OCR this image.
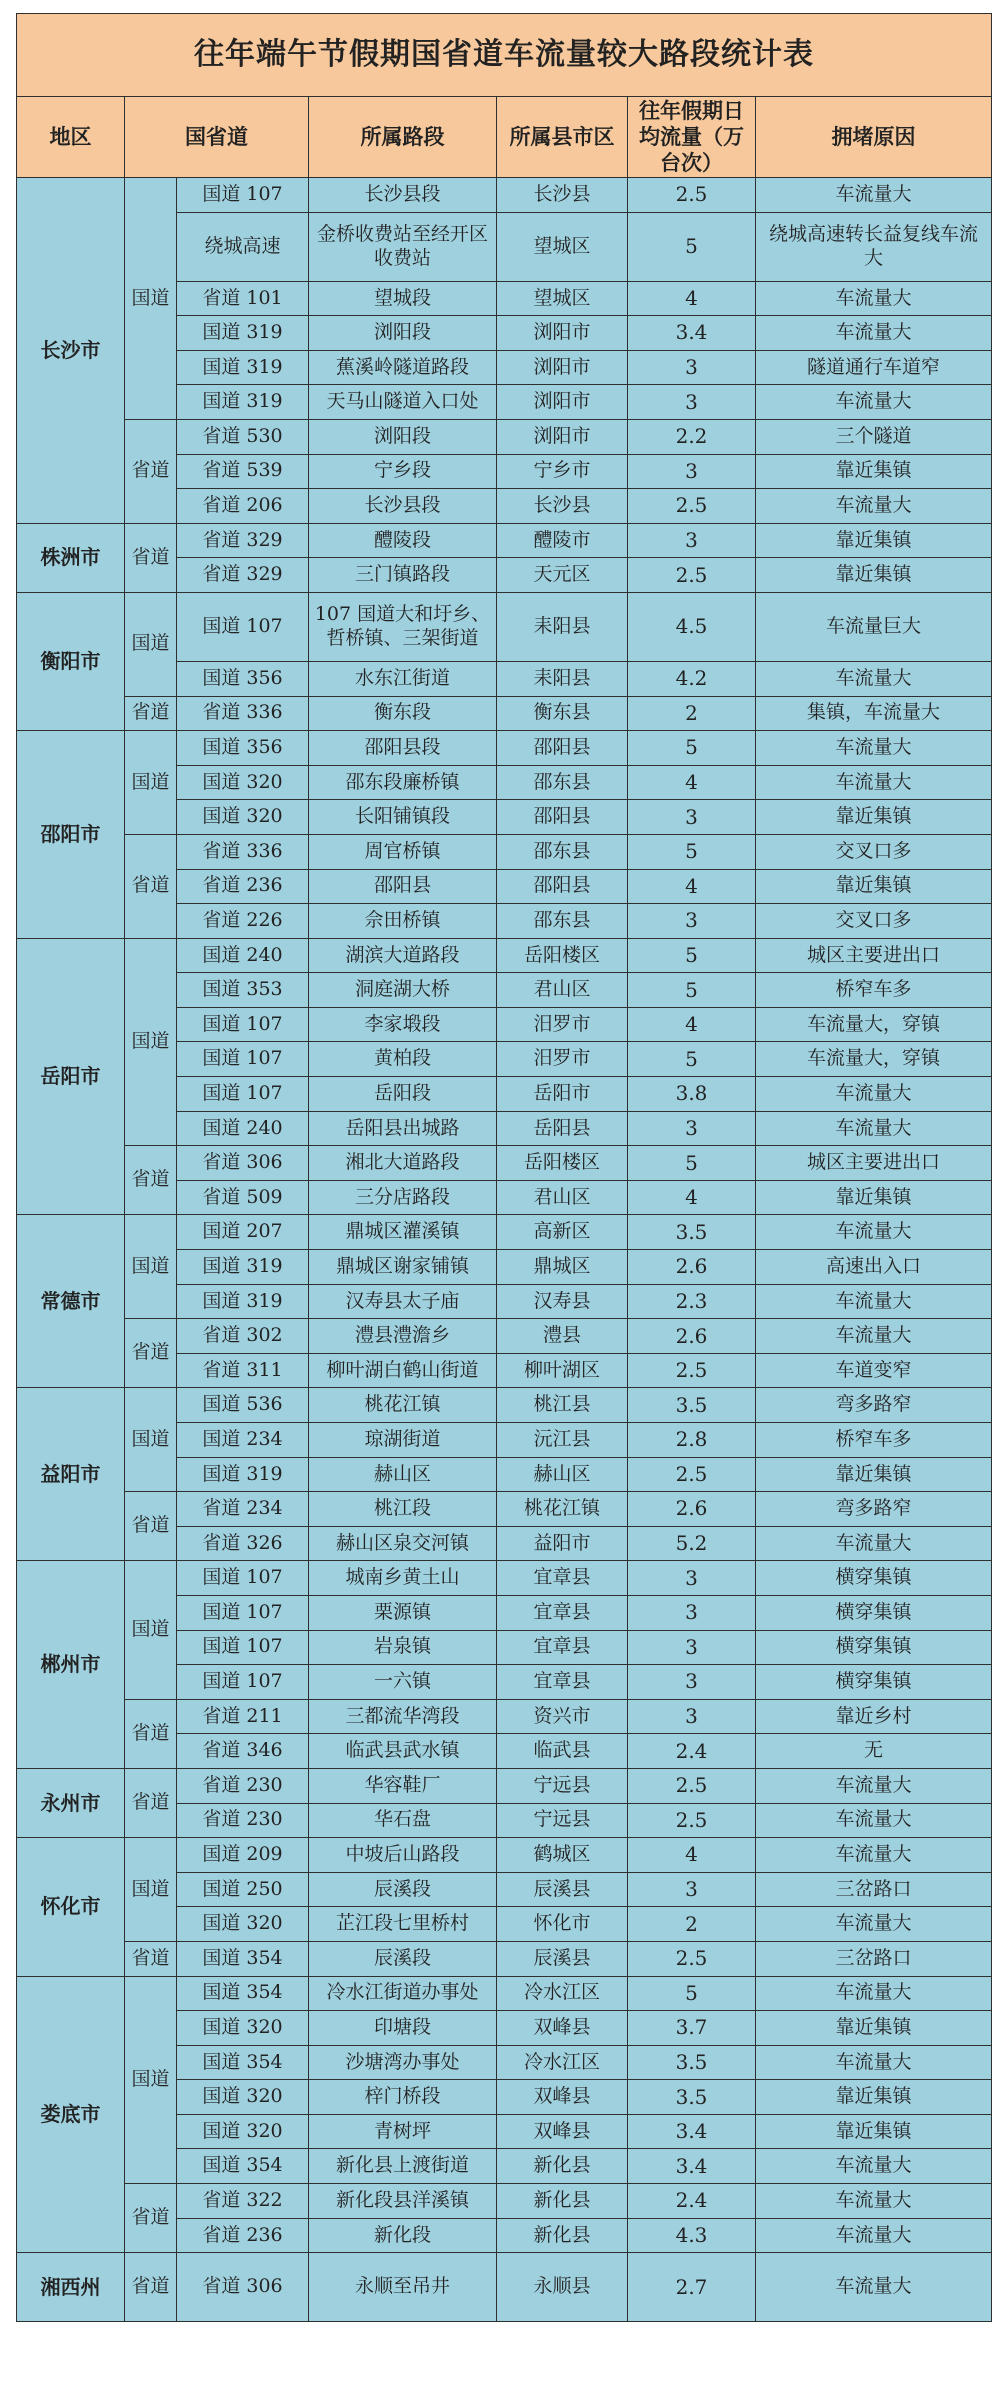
往年端午节假期国省道车流量较大路段统计表						
地区	国省道		所属路段	所属县市区	往年假期日均流量（万台次）	拥堵原因
长沙市	国道	国道 107	长沙县段	长沙县	2.5	车流量大
		绕城高速	金桥收费站至经开区收费站	望城区	5	绕城高速转长益复线车流大
		省道 101	望城段	望城区	4	车流量大
		国道 319	浏阳段	浏阳市	3.4	车流量大
		国道 319	蕉溪岭隧道路段	浏阳市	3	隧道通行车道窄
		国道 319	天马山隧道入口处	浏阳市	3	车流量大
	省道	省道 530	浏阳段	浏阳市	2.2	三个隧道
		省道 539	宁乡段	宁乡市	3	靠近集镇
		省道 206	长沙县段	长沙县	2.5	车流量大
株洲市	省道	省道 329	醴陵段	醴陵市	3	靠近集镇
		省道 329	三门镇路段	天元区	2.5	靠近集镇
衡阳市	国道	国道 107	107 国道大和圩乡、哲桥镇、三架街道	耒阳县	4.5	车流量巨大
		国道 356	水东江街道	耒阳县	4.2	车流量大
	省道	省道 336	衡东段	衡东县	2	集镇，车流量大
邵阳市	国道	国道 356	邵阳县段	邵阳县	5	车流量大
		国道 320	邵东段廉桥镇	邵东县	4	车流量大
		国道 320	长阳铺镇段	邵阳县	3	靠近集镇
	省道	省道 336	周官桥镇	邵东县	5	交叉口多
		省道 236	邵阳县	邵阳县	4	靠近集镇
		省道 226	佘田桥镇	邵东县	3	交叉口多
岳阳市	国道	国道 240	湖滨大道路段	岳阳楼区	5	城区主要进出口
		国道 353	洞庭湖大桥	君山区	5	桥窄车多
		国道 107	李家塅段	汨罗市	4	车流量大，穿镇
		国道 107	黄柏段	汨罗市	5	车流量大，穿镇
		国道 107	岳阳段	岳阳市	3.8	车流量大
		国道 240	岳阳县出城路	岳阳县	3	车流量大
	省道	省道 306	湘北大道路段	岳阳楼区	5	城区主要进出口
		省道 509	三分店路段	君山区	4	靠近集镇
常德市	国道	国道 207	鼎城区灌溪镇	高新区	3.5	车流量大
		国道 319	鼎城区谢家铺镇	鼎城区	2.6	高速出入口
		国道 319	汉寿县太子庙	汉寿县	2.3	车流量大
	省道	省道 302	澧县澧澹乡	澧县	2.6	车流量大
		省道 311	柳叶湖白鹤山街道	柳叶湖区	2.5	车道变窄
益阳市	国道	国道 536	桃花江镇	桃江县	3.5	弯多路窄
		国道 234	琼湖街道	沅江县	2.8	桥窄车多
		国道 319	赫山区	赫山区	2.5	靠近集镇
	省道	省道 234	桃江段	桃花江镇	2.6	弯多路窄
		省道 326	赫山区泉交河镇	益阳市	5.2	车流量大
郴州市	国道	国道 107	城南乡黄土山	宜章县	3	横穿集镇
		国道 107	栗源镇	宜章县	3	横穿集镇
		国道 107	岩泉镇	宜章县	3	横穿集镇
		国道 107	一六镇	宜章县	3	横穿集镇
	省道	省道 211	三都流华湾段	资兴市	3	靠近乡村
		省道 346	临武县武水镇	临武县	2.4	无
永州市	省道	省道 230	华容鞋厂	宁远县	2.5	车流量大
		省道 230	华石盘	宁远县	2.5	车流量大
怀化市	国道	国道 209	中坡后山路段	鹤城区	4	车流量大
		国道 250	辰溪段	辰溪县	3	三岔路口
		国道 320	芷江段七里桥村	怀化市	2	车流量大
	省道	国道 354	辰溪段	辰溪县	2.5	三岔路口
娄底市	国道	国道 354	冷水江街道办事处	冷水江区	5	车流量大
		国道 320	印塘段	双峰县	3.7	靠近集镇
		国道 354	沙塘湾办事处	冷水江区	3.5	车流量大
		国道 320	梓门桥段	双峰县	3.5	靠近集镇
		国道 320	青树坪	双峰县	3.4	靠近集镇
		国道 354	新化县上渡街道	新化县	3.4	车流量大
	省道	省道 322	新化段县洋溪镇	新化县	2.4	车流量大
		省道 236	新化段	新化县	4.3	车流量大
湘西州	省道	省道 306	永顺至吊井	永顺县	2.7	车流量大
